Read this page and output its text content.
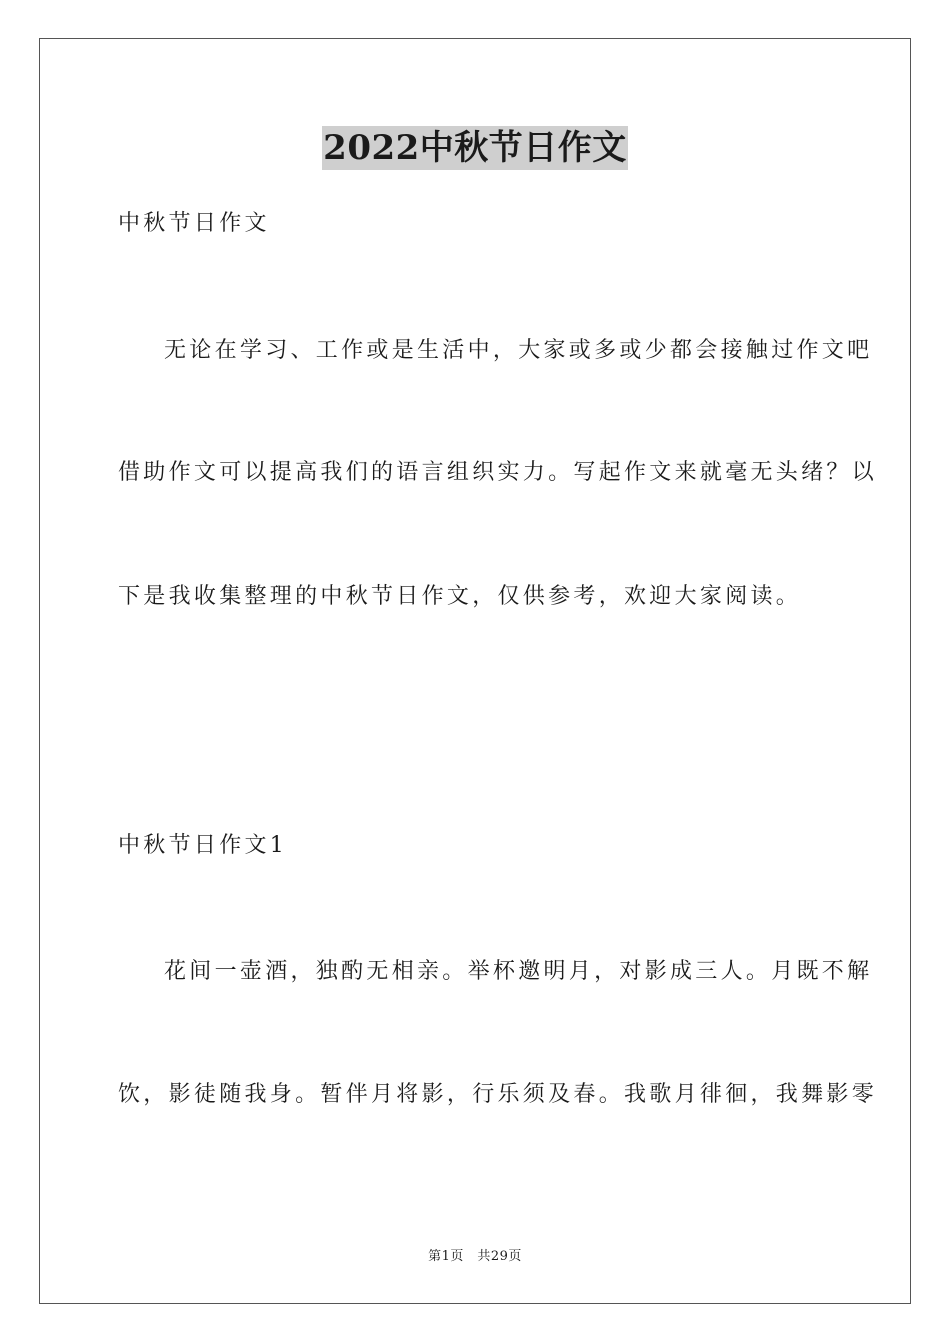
2022中秋节日作文
中秋节日作文
无论在学习、工作或是生活中，大家或多或少都会接触过作文吧
借助作文可以提高我们的语言组织实力。写起作文来就毫无头绪？以
下是我收集整理的中秋节日作文，仅供参考，欢迎大家阅读。
中秋节日作文1
花间一壶酒，独酌无相亲。举杯邀明月，对影成三人。月既不解
饮，影徒随我身。暂伴月将影，行乐须及春。我歌月徘徊，我舞影零
第1页　共29页
